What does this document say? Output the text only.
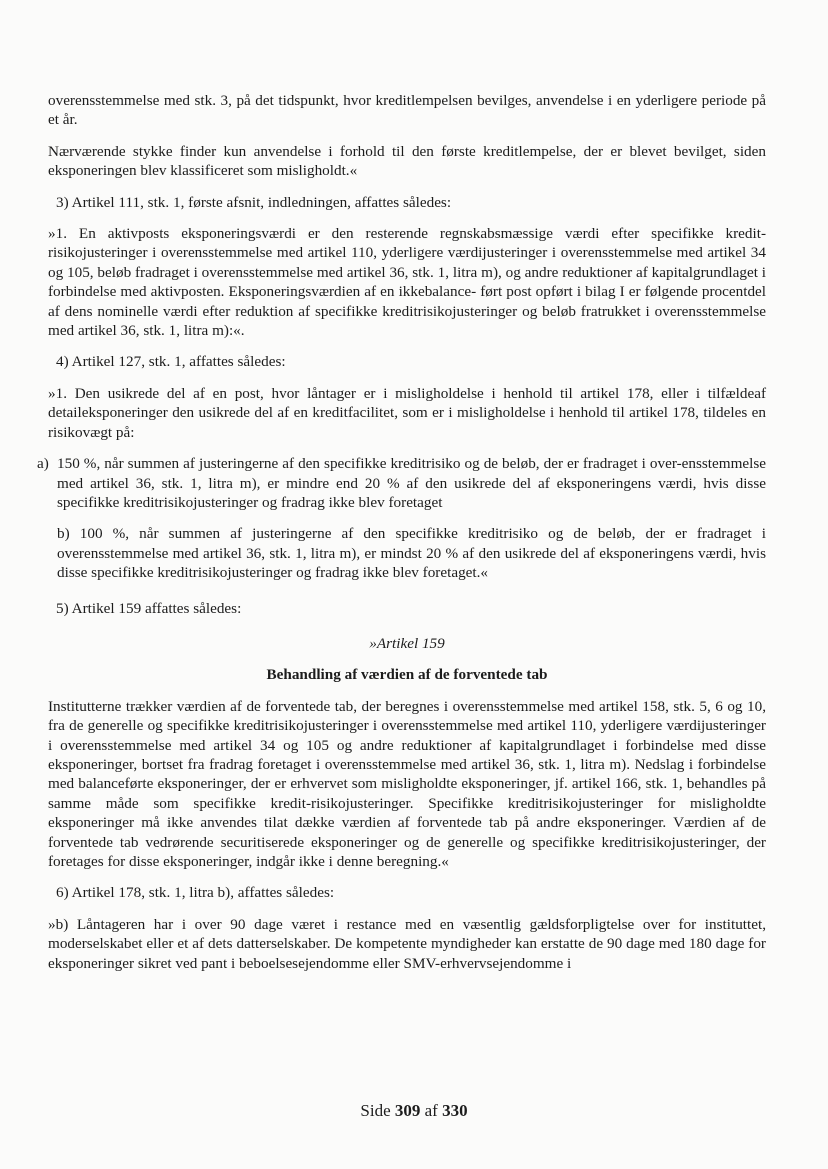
overensstemmelse med stk. 3, på det tidspunkt, hvor kreditlempelsen bevilges, anvendelse i en yderligere periode på et år.

Nærværende stykke finder kun anvendelse i forhold til den første kreditlempelse, der er blevet bevilget, siden eksponeringen blev klassificeret som misligholdt.«

3) Artikel 111, stk. 1, første afsnit, indledningen, affattes således:

»1. En aktivposts eksponeringsværdi er den resterende regnskabsmæssige værdi efter specifikke kredit-risikojusteringer i overensstemmelse med artikel 110, yderligere værdijusteringer i overensstemmelse med artikel 34 og 105, beløb fradraget i overensstemmelse med artikel 36, stk. 1, litra m), og andre reduktioner af kapitalgrundlaget i forbindelse med aktivposten. Eksponeringsværdien af en ikkebalance- ført post opført i bilag I er følgende procentdel af dens nominelle værdi efter reduktion af specifikke kreditrisikojusteringer og beløb fratrukket i overensstemmelse med artikel 36, stk. 1, litra m):«.

4) Artikel 127, stk. 1, affattes således:

»1. Den usikrede del af en post, hvor låntager er i misligholdelse i henhold til artikel 178, eller i tilfældeaf detaileksponeringer den usikrede del af en kreditfacilitet, som er i misligholdelse i henhold til artikel 178, tildeles en risikovægt på:

a) 150 %, når summen af justeringerne af den specifikke kreditrisiko og de beløb, der er fradraget i over-ensstemmelse med artikel 36, stk. 1, litra m), er mindre end 20 % af den usikrede del af eksponeringens værdi, hvis disse specifikke kreditrisikojusteringer og fradrag ikke blev foretaget

b) 100 %, når summen af justeringerne af den specifikke kreditrisiko og de beløb, der er fradraget i overensstemmelse med artikel 36, stk. 1, litra m), er mindst 20 % af den usikrede del af eksponeringens værdi, hvis disse specifikke kreditrisikojusteringer og fradrag ikke blev foretaget.«

5) Artikel 159 affattes således:

»Artikel 159

Behandling af værdien af de forventede tab

Institutterne trækker værdien af de forventede tab, der beregnes i overensstemmelse med artikel 158, stk. 5, 6 og 10, fra de generelle og specifikke kreditrisikojusteringer i overensstemmelse med artikel 110, yderligere værdijusteringer i overensstemmelse med artikel 34 og 105 og andre reduktioner af kapitalgrundlaget i forbindelse med disse eksponeringer, bortset fra fradrag foretaget i overensstemmelse med artikel 36, stk. 1, litra m). Nedslag i forbindelse med balanceførte eksponeringer, der er erhvervet som misligholdte eksponeringer, jf. artikel 166, stk. 1, behandles på samme måde som specifikke kredit-risikojusteringer. Specifikke kreditrisikojusteringer for misligholdte eksponeringer må ikke anvendes tilat dække værdien af forventede tab på andre eksponeringer. Værdien af de forventede tab vedrørende securitiserede eksponeringer og de generelle og specifikke kreditrisikojusteringer, der foretages for disse eksponeringer, indgår ikke i denne beregning.«

6) Artikel 178, stk. 1, litra b), affattes således:

»b) Låntageren har i over 90 dage været i restance med en væsentlig gældsforpligtelse over for instituttet, moderselskabet eller et af dets datterselskaber. De kompetente myndigheder kan erstatte de 90 dage med 180 dage for eksponeringer sikret ved pant i beboelsesejendomme eller SMV-erhvervsejendomme i

Side 309 af 330
